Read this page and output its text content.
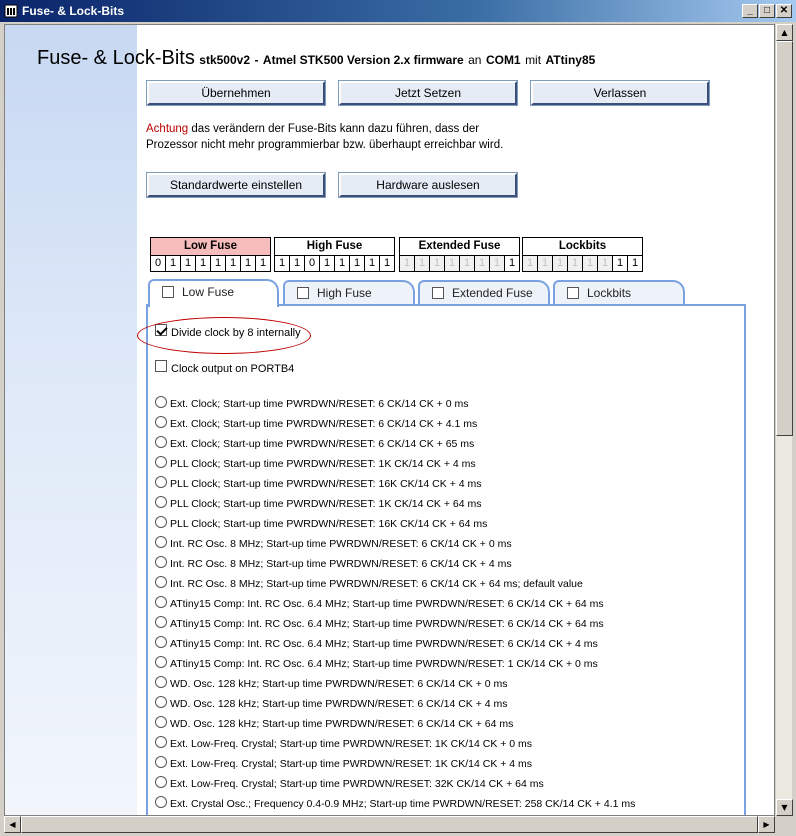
Fuse- & Lock-Bits	_	□ ✕
Fuse- & Lock-Bits stk500v2 - Atmel STK500 Version 2.x firmware an COM1 mit ATtiny85
Übernehmen	Jetzt Setzen	Verlassen
Achtung das verändern der Fuse-Bits kann dazu führen, dass der
Prozessor nicht mehr programmierbar bzw. überhaupt erreichbar wird.
Standardwerte einstellen	Hardware auslesen
Low Fuse
0 1 1 1 1 1 1 1
High Fuse
1 1 0 1 1 1 1 1
Extended Fuse
1 1 1 1 1 1 1 1
Lockbits
1 1 1 1 1 1 1 1
Low Fuse	High Fuse	Extended Fuse	Lockbits
Divide clock by 8 internally
Clock output on PORTB4
Ext. Clock; Start-up time PWRDWN/RESET: 6 CK/14 CK + 0 ms
Ext. Clock; Start-up time PWRDWN/RESET: 6 CK/14 CK + 4.1 ms
Ext. Clock; Start-up time PWRDWN/RESET: 6 CK/14 CK + 65 ms
PLL Clock; Start-up time PWRDWN/RESET: 1K CK/14 CK + 4 ms
PLL Clock; Start-up time PWRDWN/RESET: 16K CK/14 CK + 4 ms
PLL Clock; Start-up time PWRDWN/RESET: 1K CK/14 CK + 64 ms
PLL Clock; Start-up time PWRDWN/RESET: 16K CK/14 CK + 64 ms
Int. RC Osc. 8 MHz; Start-up time PWRDWN/RESET: 6 CK/14 CK + 0 ms
Int. RC Osc. 8 MHz; Start-up time PWRDWN/RESET: 6 CK/14 CK + 4 ms
Int. RC Osc. 8 MHz; Start-up time PWRDWN/RESET: 6 CK/14 CK + 64 ms; default value
ATtiny15 Comp: Int. RC Osc. 6.4 MHz; Start-up time PWRDWN/RESET: 6 CK/14 CK + 64 ms
ATtiny15 Comp: Int. RC Osc. 6.4 MHz; Start-up time PWRDWN/RESET: 6 CK/14 CK + 64 ms
ATtiny15 Comp: Int. RC Osc. 6.4 MHz; Start-up time PWRDWN/RESET: 6 CK/14 CK + 4 ms
ATtiny15 Comp: Int. RC Osc. 6.4 MHz; Start-up time PWRDWN/RESET: 1 CK/14 CK + 0 ms
WD. Osc. 128 kHz; Start-up time PWRDWN/RESET: 6 CK/14 CK + 0 ms
WD. Osc. 128 kHz; Start-up time PWRDWN/RESET: 6 CK/14 CK + 4 ms
WD. Osc. 128 kHz; Start-up time PWRDWN/RESET: 6 CK/14 CK + 64 ms
Ext. Low-Freq. Crystal; Start-up time PWRDWN/RESET: 1K CK/14 CK + 0 ms
Ext. Low-Freq. Crystal; Start-up time PWRDWN/RESET: 1K CK/14 CK + 4 ms
Ext. Low-Freq. Crystal; Start-up time PWRDWN/RESET: 32K CK/14 CK + 64 ms
Ext. Crystal Osc.; Frequency 0.4-0.9 MHz; Start-up time PWRDWN/RESET: 258 CK/14 CK + 4.1 ms
▲
▼
◀	▶
